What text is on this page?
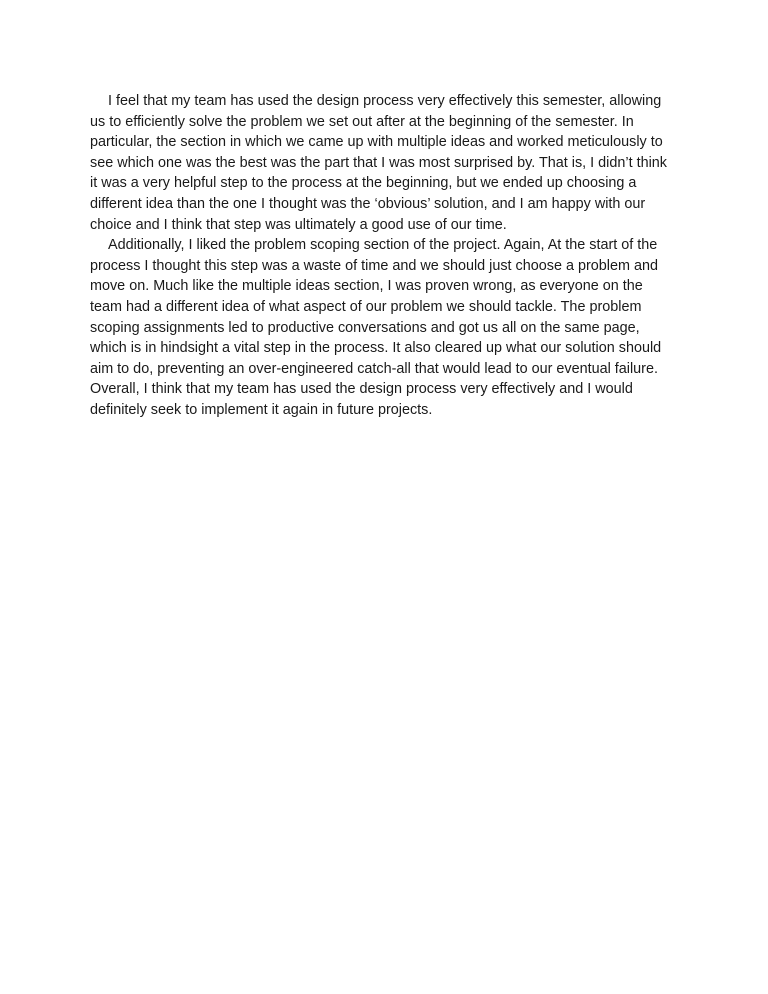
I feel that my team has used the design process very effectively this semester, allowing us to efficiently solve the problem we set out after at the beginning of the semester. In particular, the section in which we came up with multiple ideas and worked meticulously to see which one was the best was the part that I was most surprised by. That is, I didn’t think it was a very helpful step to the process at the beginning, but we ended up choosing a different idea than the one I thought was the ‘obvious’ solution, and I am happy with our choice and I think that step was ultimately a good use of our time.

Additionally, I liked the problem scoping section of the project. Again, At the start of the process I thought this step was a waste of time and we should just choose a problem and move on. Much like the multiple ideas section, I was proven wrong, as everyone on the team had a different idea of what aspect of our problem we should tackle. The problem scoping assignments led to productive conversations and got us all on the same page, which is in hindsight a vital step in the process. It also cleared up what our solution should aim to do, preventing an over-engineered catch-all that would lead to our eventual failure. Overall, I think that my team has used the design process very effectively and I would definitely seek to implement it again in future projects.
